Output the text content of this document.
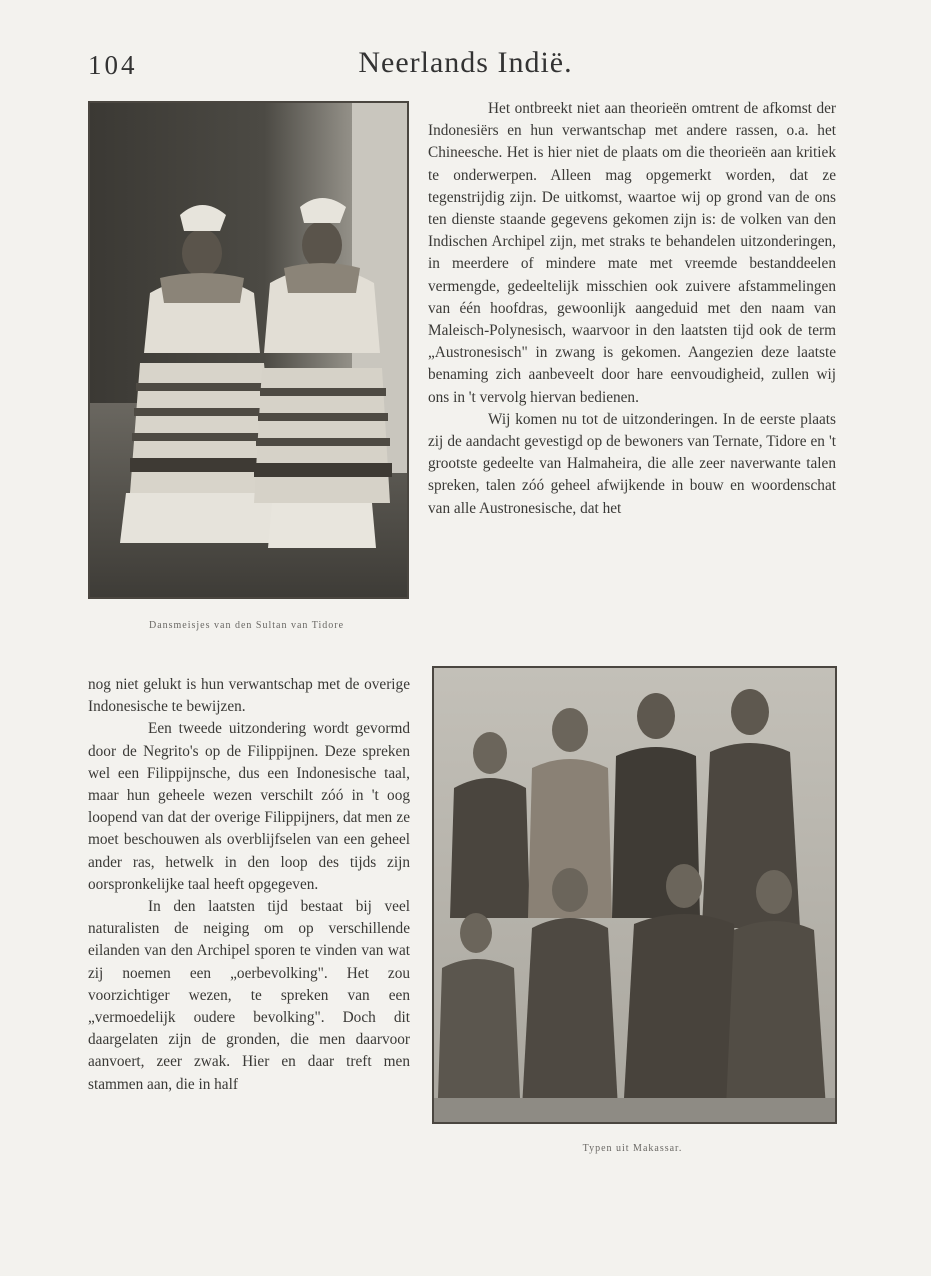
104	Neerlands Indië.
Dansmeisjes van den Sultan van Tidore

Het ontbreekt niet aan theorieën omtrent de afkomst der Indonesiërs en hun verwantschap met andere rassen, o.a. het Chineesche. Het is hier niet de plaats om die theorieën aan kritiek te onderwerpen. Alleen mag opgemerkt worden, dat ze tegenstrijdig zijn. De uitkomst, waartoe wij op grond van de ons ten dienste staande gegevens gekomen zijn is: de volken van den Indischen Archipel zijn, met straks te behandelen uitzonderingen, in meerdere of mindere mate met vreemde bestanddeelen vermengde, gedeeltelijk misschien ook zuivere afstammelingen van één hoofdras, gewoonlijk aangeduid met den naam van Maleisch-Polynesisch, waarvoor in den laatsten tijd ook de term „Austronesisch" in zwang is gekomen. Aangezien deze laatste benaming zich aanbeveelt door hare eenvoudigheid, zullen wij ons in 't vervolg hiervan bedienen.

Wij komen nu tot de uitzonderingen. In de eerste plaats zij de aandacht gevestigd op de bewoners van Ternate, Tidore en 't grootste gedeelte van Halmaheira, die alle zeer naverwante talen spreken, talen zóó geheel afwijkende in bouw en woordenschat van alle Austronesische, dat het

nog niet gelukt is hun verwantschap met de overige Indonesische te bewijzen.

Een tweede uitzondering wordt gevormd door de Negrito's op de Filippijnen. Deze spreken wel een Filippijnsche, dus een Indonesische taal, maar hun geheele wezen verschilt zóó in 't oog loopend van dat der overige Filippijners, dat men ze moet beschouwen als overblijfselen van een geheel ander ras, hetwelk in den loop des tijds zijn oorspronkelijke taal heeft opgegeven.

In den laatsten tijd bestaat bij veel naturalisten de neiging om op verschillende eilanden van den Archipel sporen te vinden van wat zij noemen een „oerbevolking". Het zou voorzichtiger wezen, te spreken van een „vermoedelijk oudere bevolking". Doch dit daargelaten zijn de gronden, die men daarvoor aanvoert, zeer zwak. Hier en daar treft men stammen aan, die in half

Typen uit Makassar.
